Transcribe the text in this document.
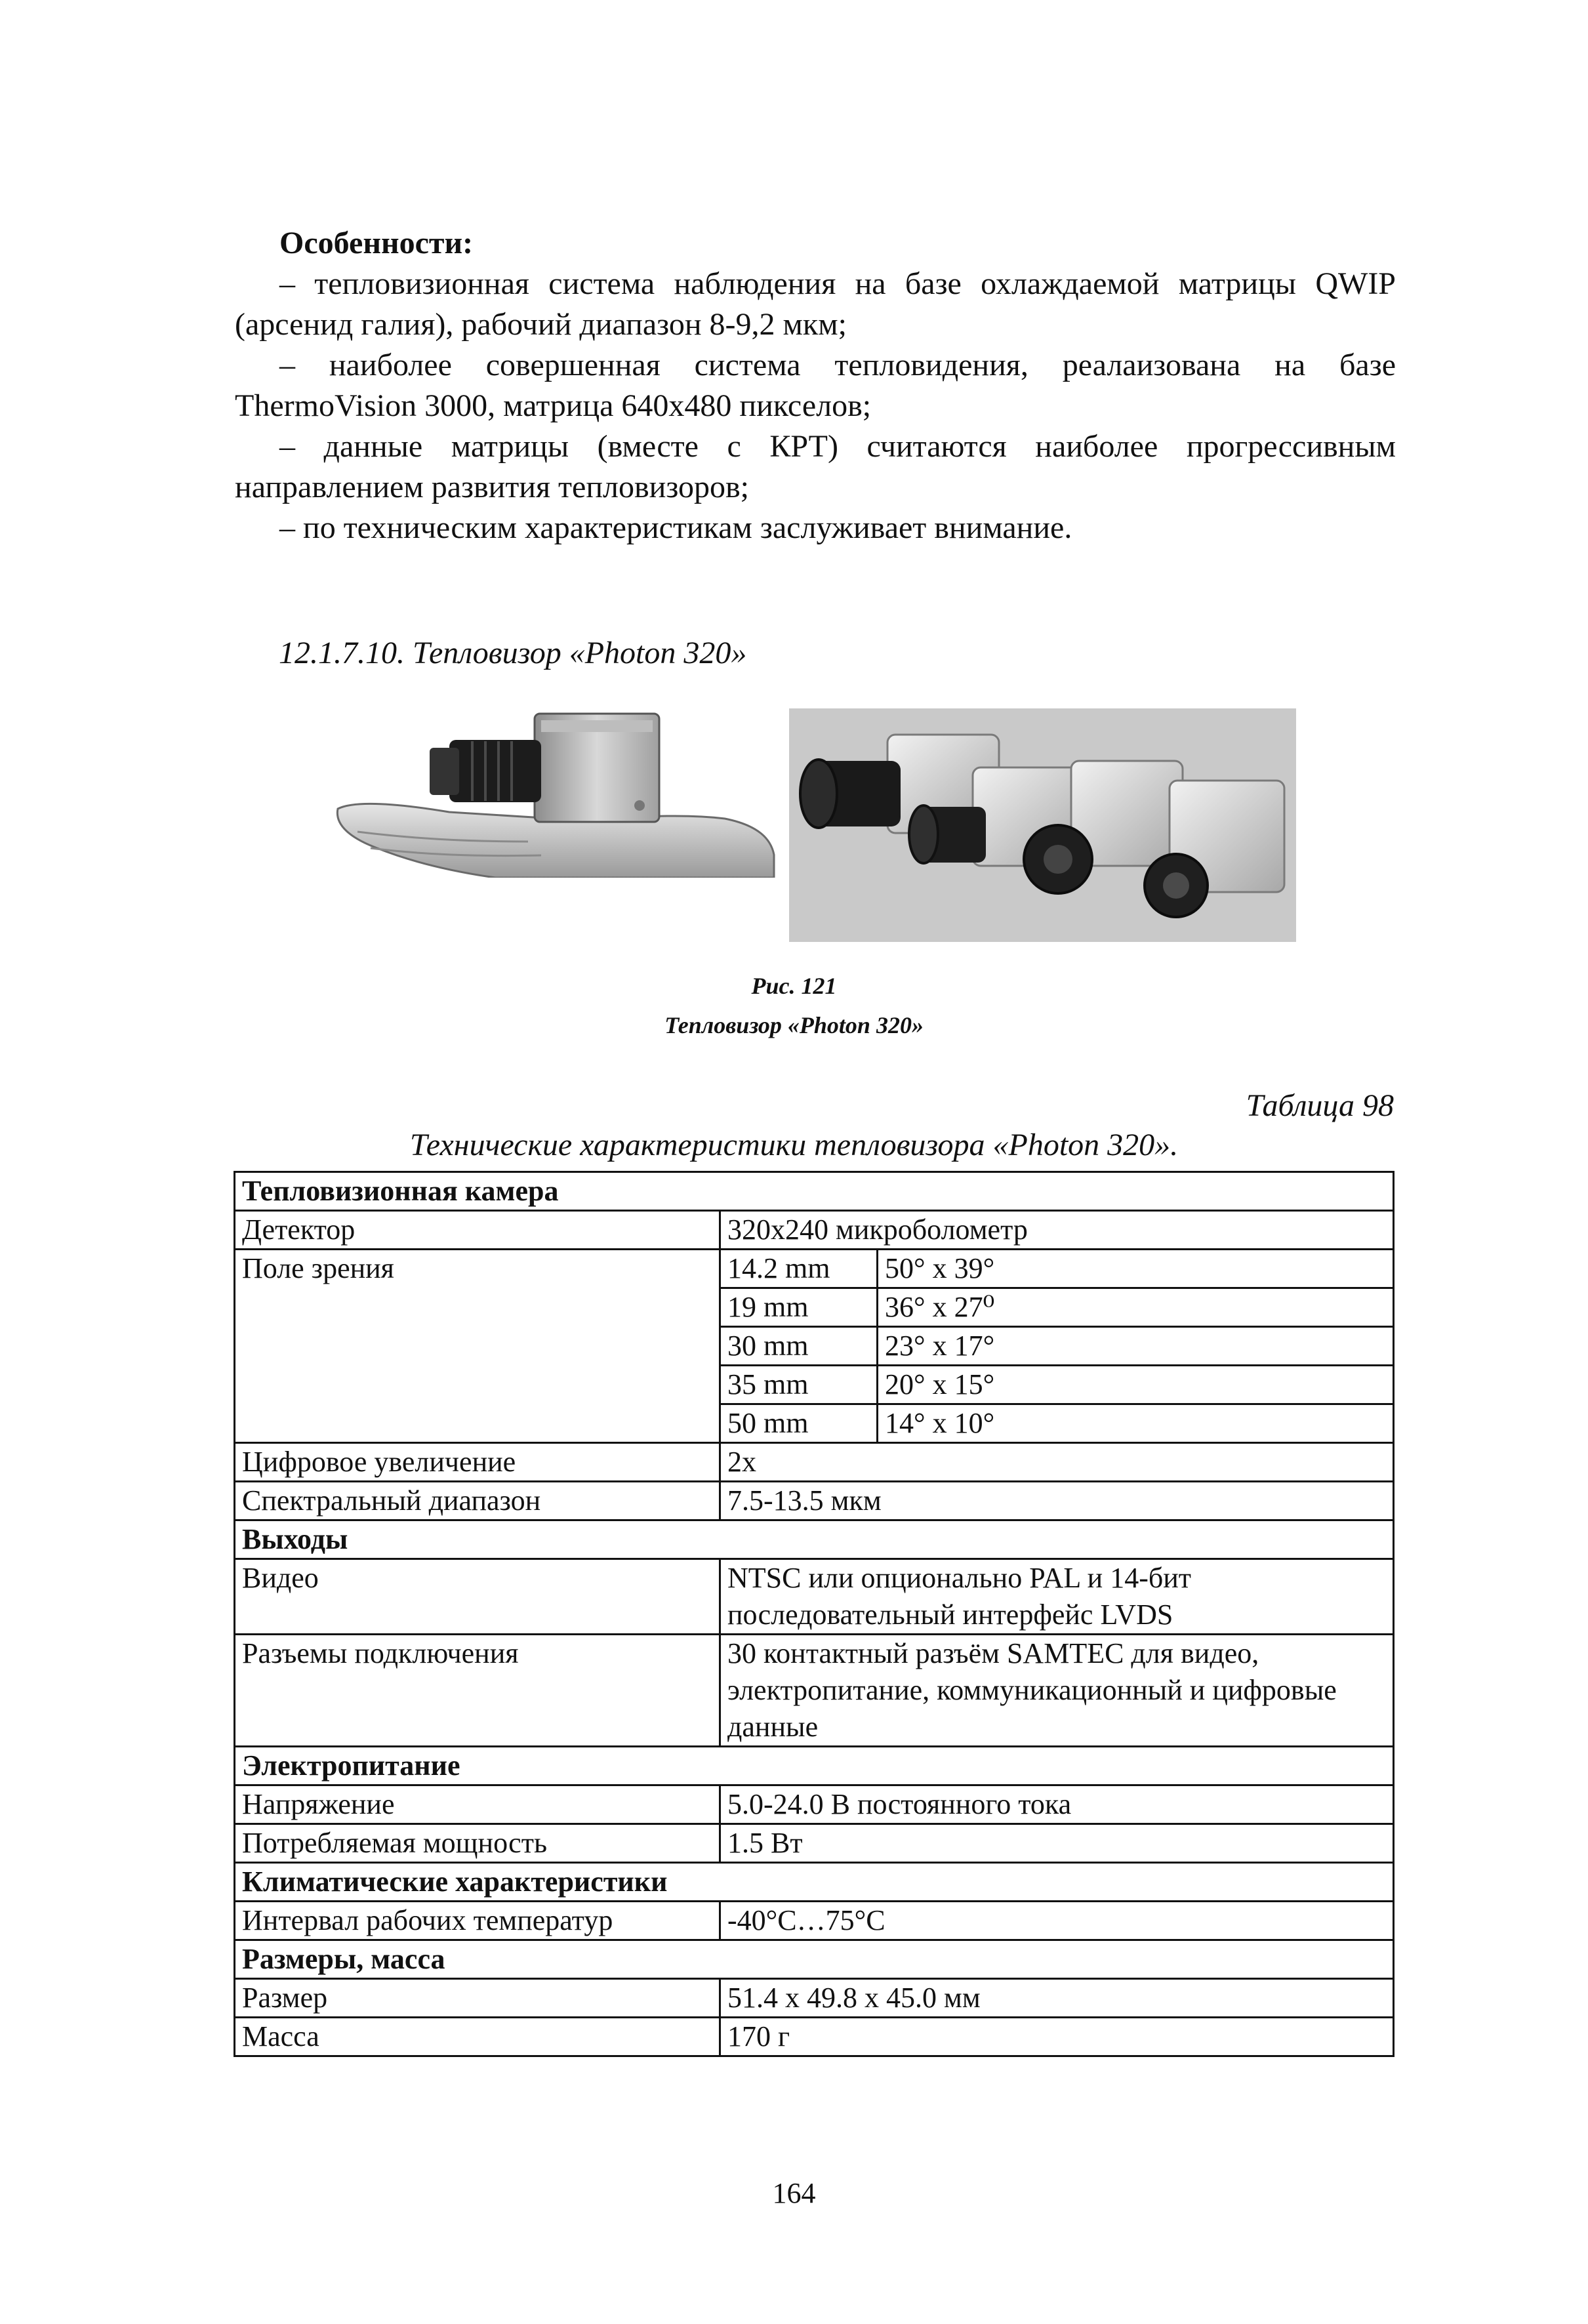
Особенности:

– тепловизионная система наблюдения на базе охлаждаемой матрицы QWIP (арсенид галия), рабочий диапазон 8-9,2 мкм;

– наиболее совершенная система тепловидения, реалаизована на базе ThermoVision 3000, матрица 640х480 пикселов;

– данные матрицы (вместе с КРТ) считаются наиболее прогрессивным направлением развития тепловизоров;

– по техническим характеристикам заслуживает внимание.

12.1.7.10. Тепловизор «Photon 320»
Рис. 121
Тепловизор «Photon 320»
Таблица 98
Технические характеристики тепловизора «Photon 320».
Тепловизионная камера		
Детектор	320х240 микроболометр	
Поле зрения	14.2 mm	50° x 39°
	19 mm	36° x 27⁰
	30 mm	23° x 17°
	35 mm	20° x 15°
	50 mm	14° x 10°
Цифровое увеличение	2х	
Спектральный диапазон	7.5-13.5 мкм	
Выходы		
Видео	NTSC или опционально PAL и 14-бит последовательный интерфейс LVDS	
Разъемы подключения	30 контактный разъём SAMTEC для видео, электропитание, коммуникационный и цифровые данные	
Электропитание		
Напряжение	5.0-24.0 В постоянного тока	
Потребляемая мощность	1.5 Вт	
Климатические характеристики		
Интервал рабочих температур	-40°С…75°С	
Размеры, масса		
Размер	51.4 х 49.8 х 45.0 мм	
Масса	170 г	
164
